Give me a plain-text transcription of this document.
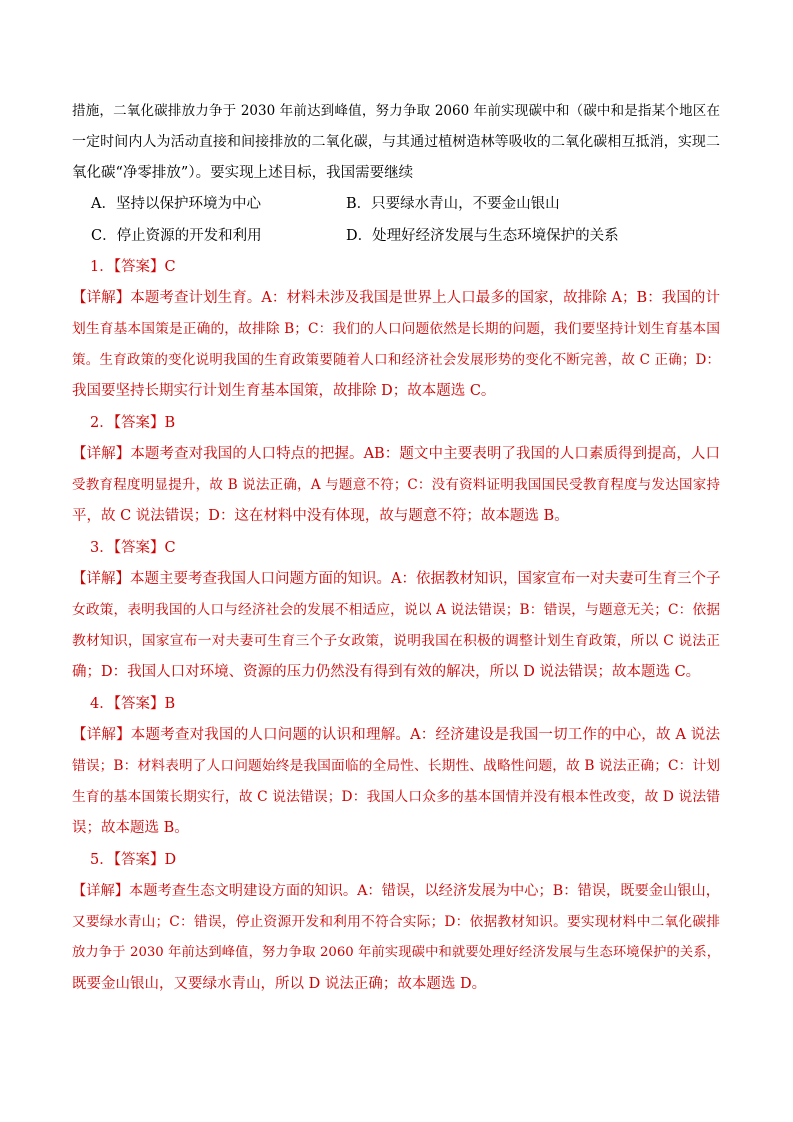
措施，二氧化碳排放力争于 2030 年前达到峰值，努力争取 2060 年前实现碳中和（碳中和是指某个地区在
一定时间内人为活动直接和间接排放的二氧化碳，与其通过植树造林等吸收的二氧化碳相互抵消，实现二
氧化碳“净零排放”）。要实现上述目标，我国需要继续
A．坚持以保护环境为中心	B．只要绿水青山，不要金山银山
C．停止资源的开发和利用	D．处理好经济发展与生态环境保护的关系
1．【答案】C
【详解】本题考查计划生育。A：材料未涉及我国是世界上人口最多的国家，故排除 A；B：我国的计
划生育基本国策是正确的，故排除 B；C：我们的人口问题依然是长期的问题，我们要坚持计划生育基本国
策。生育政策的变化说明我国的生育政策要随着人口和经济社会发展形势的变化不断完善，故 C 正确；D：
我国要坚持长期实行计划生育基本国策，故排除 D；故本题选 C。
2．【答案】B
【详解】本题考查对我国的人口特点的把握。AB：题文中主要表明了我国的人口素质得到提高，人口
受教育程度明显提升，故 B 说法正确，A 与题意不符；C：没有资料证明我国国民受教育程度与发达国家持
平，故 C 说法错误；D：这在材料中没有体现，故与题意不符；故本题选 B。
3．【答案】C
【详解】本题主要考查我国人口问题方面的知识。A：依据教材知识，国家宣布一对夫妻可生育三个子
女政策，表明我国的人口与经济社会的发展不相适应，说以 A 说法错误；B：错误，与题意无关；C：依据
教材知识，国家宣布一对夫妻可生育三个子女政策，说明我国在积极的调整计划生育政策，所以 C 说法正
确；D：我国人口对环境、资源的压力仍然没有得到有效的解决，所以 D 说法错误；故本题选 C。
4．【答案】B
【详解】本题考查对我国的人口问题的认识和理解。A：经济建设是我国一切工作的中心，故 A 说法
错误；B：材料表明了人口问题始终是我国面临的全局性、长期性、战略性问题，故 B 说法正确；C：计划
生育的基本国策长期实行，故 C 说法错误；D：我国人口众多的基本国情并没有根本性改变，故 D 说法错
误；故本题选 B。
5．【答案】D
【详解】本题考查生态文明建设方面的知识。A：错误，以经济发展为中心；B：错误，既要金山银山，
又要绿水青山；C：错误，停止资源开发和利用不符合实际；D：依据教材知识。要实现材料中二氧化碳排
放力争于 2030 年前达到峰值，努力争取 2060 年前实现碳中和就要处理好经济发展与生态环境保护的关系，
既要金山银山，又要绿水青山，所以 D 说法正确；故本题选 D。
